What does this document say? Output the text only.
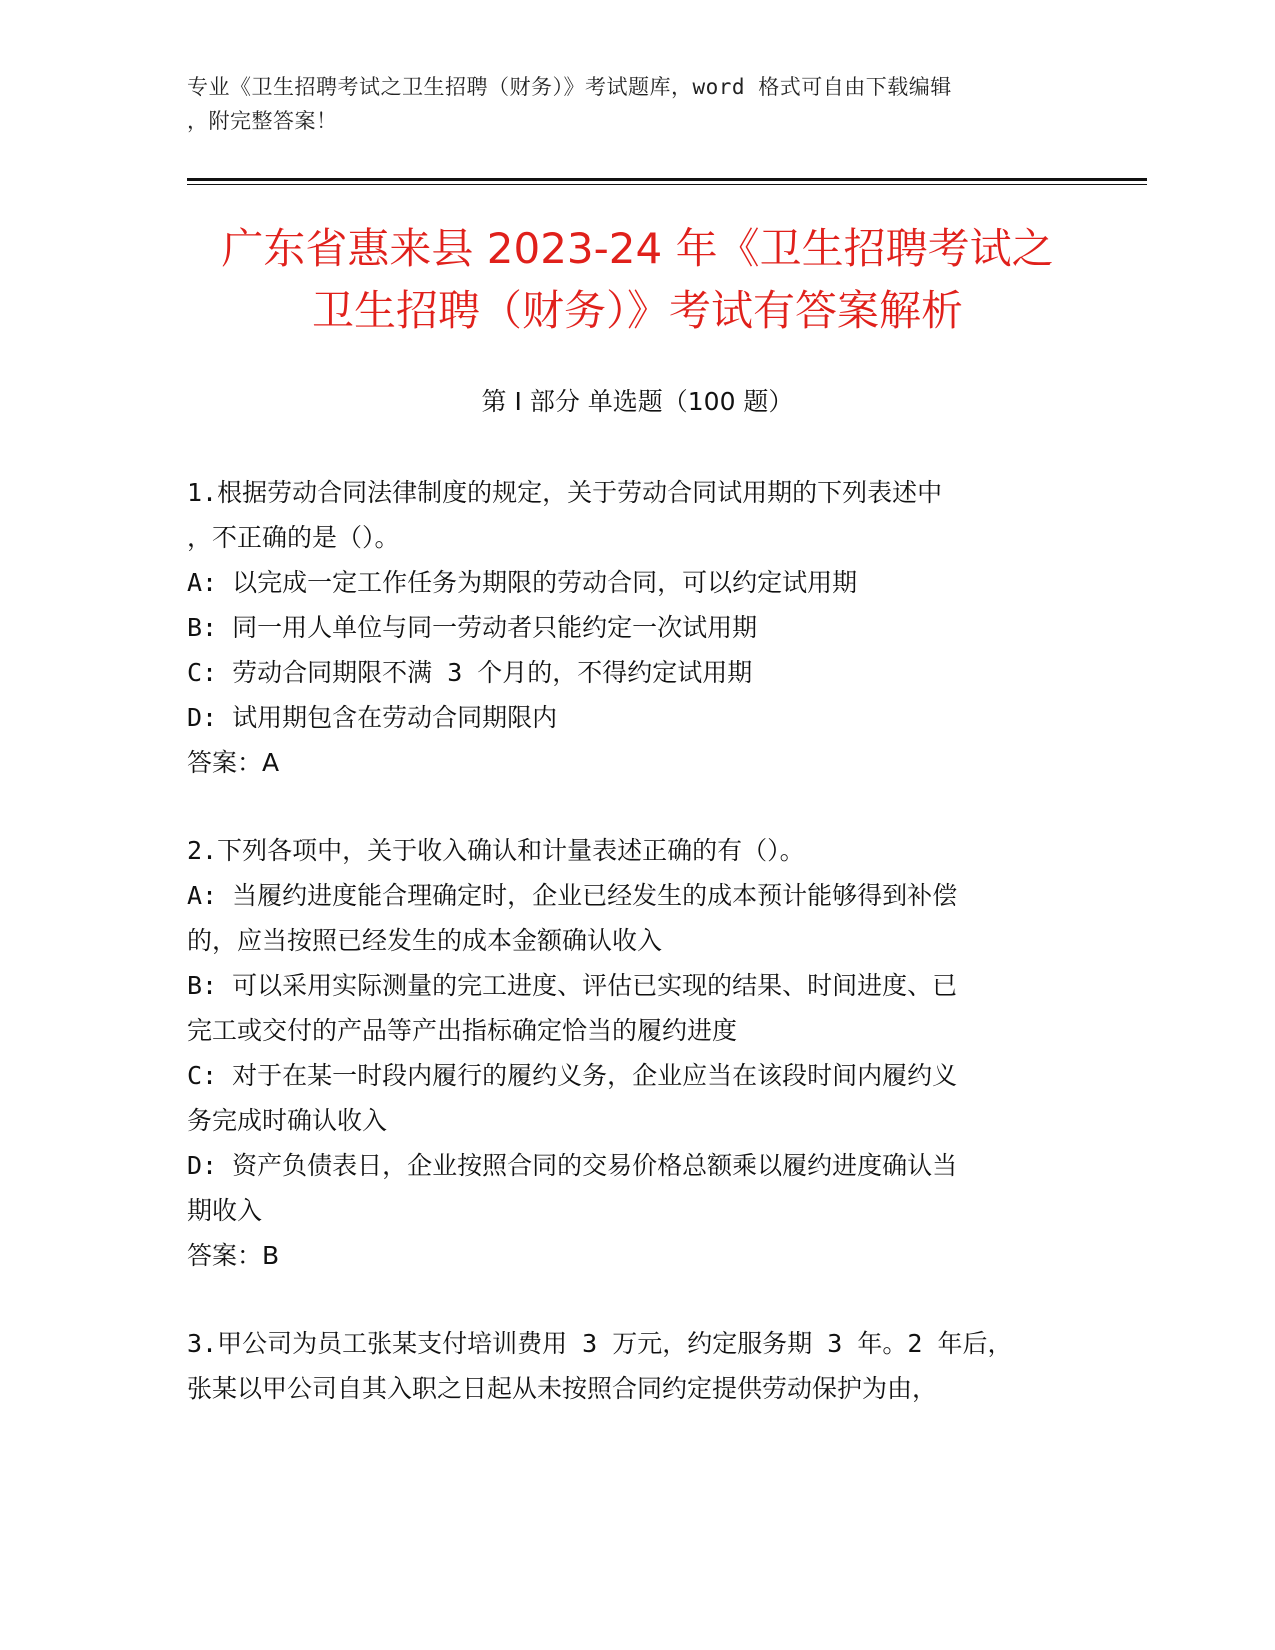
专业《卫生招聘考试之卫生招聘（财务）》考试题库，word 格式可自由下载编辑
，附完整答案！
广东省惠来县 2023-24 年《卫生招聘考试之
卫生招聘（财务）》考试有答案解析
第 I 部分 单选题（100 题）
1.根据劳动合同法律制度的规定，关于劳动合同试用期的下列表述中
，不正确的是（）。
A: 以完成一定工作任务为期限的劳动合同，可以约定试用期
B: 同一用人单位与同一劳动者只能约定一次试用期
C: 劳动合同期限不满 3 个月的，不得约定试用期
D: 试用期包含在劳动合同期限内
答案：A
2.下列各项中，关于收入确认和计量表述正确的有（）。
A: 当履约进度能合理确定时，企业已经发生的成本预计能够得到补偿
的，应当按照已经发生的成本金额确认收入
B: 可以采用实际测量的完工进度、评估已实现的结果、时间进度、已
完工或交付的产品等产出指标确定恰当的履约进度
C: 对于在某一时段内履行的履约义务，企业应当在该段时间内履约义
务完成时确认收入
D: 资产负债表日，企业按照合同的交易价格总额乘以履约进度确认当
期收入
答案：B
3.甲公司为员工张某支付培训费用 3 万元，约定服务期 3 年。2 年后，
张某以甲公司自其入职之日起从未按照合同约定提供劳动保护为由，
